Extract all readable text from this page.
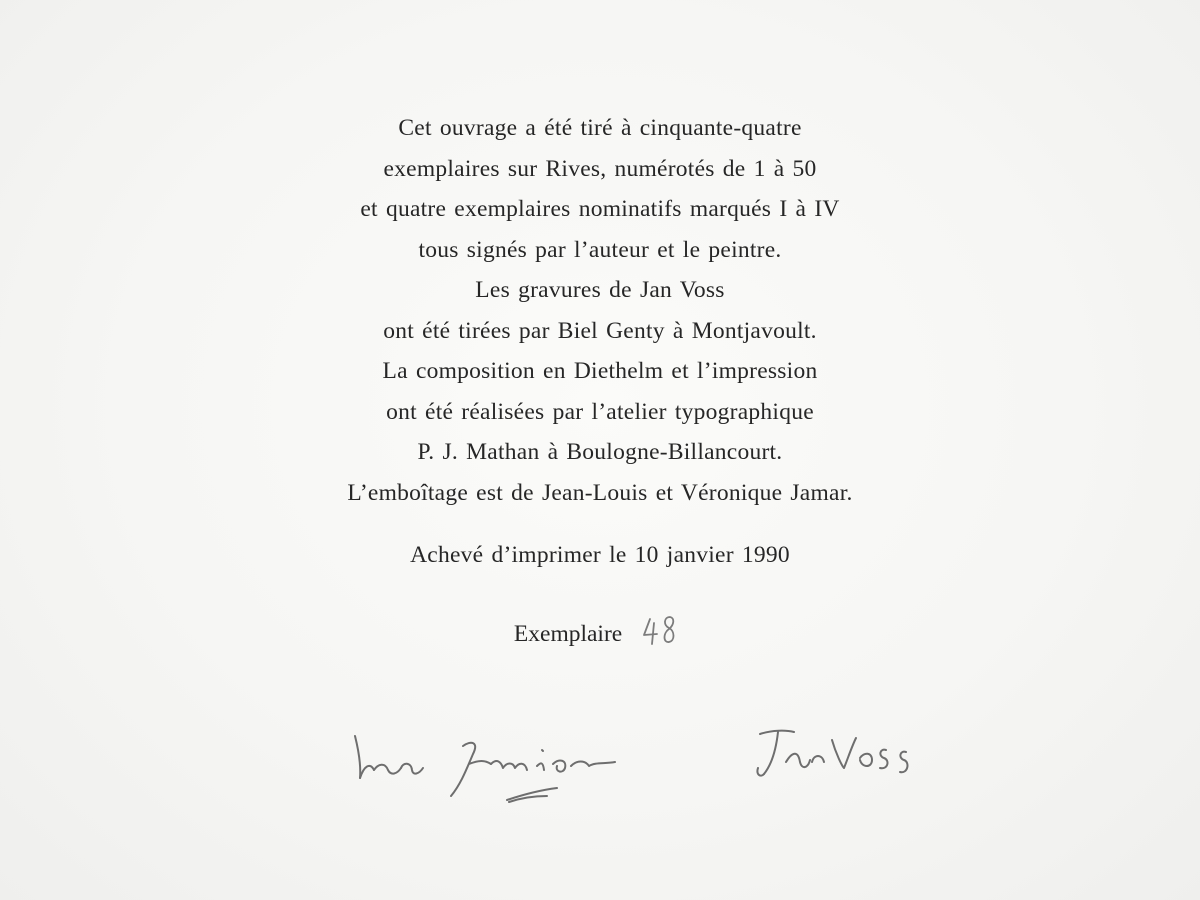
Cet ouvrage a été tiré à cinquante-quatre
exemplaires sur Rives, numérotés de 1 à 50
et quatre exemplaires nominatifs marqués I à IV
tous signés par l’auteur et le peintre.
Les gravures de Jan Voss
ont été tirées par Biel Genty à Montjavoult.
La composition en Diethelm et l’impression
ont été réalisées par l’atelier typographique
P. J. Mathan à Boulogne-Billancourt.
L’emboîtage est de Jean-Louis et Véronique Jamar.
Achevé d’imprimer le 10 janvier 1990
Exemplaire
